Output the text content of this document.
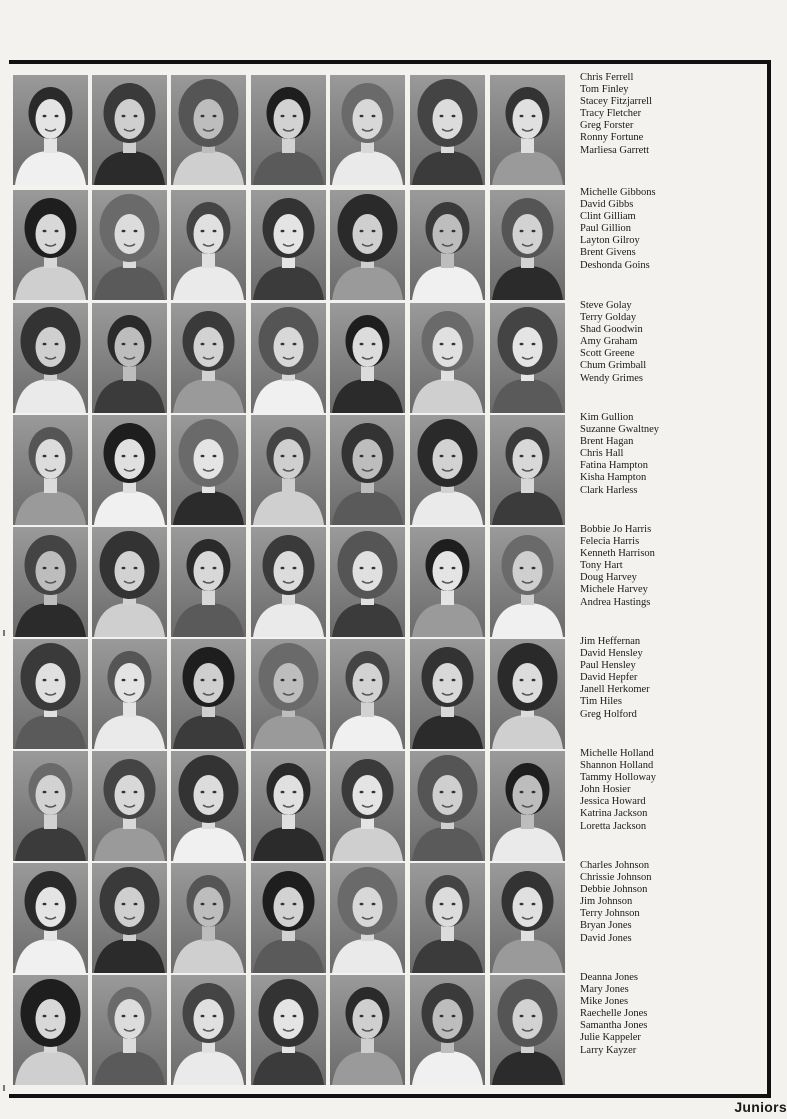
Chris Ferrell
Tom Finley
Stacey Fitzjarrell
Tracy Fletcher
Greg Forster
Ronny Fortune
Marliesa Garrett
Michelle Gibbons
David Gibbs
Clint Gilliam
Paul Gillion
Layton Gilroy
Brent Givens
Deshonda Goins
Steve Golay
Terry Golday
Shad Goodwin
Amy Graham
Scott Greene
Chum Grimball
Wendy Grimes
Kim Gullion
Suzanne Gwaltney
Brent Hagan
Chris Hall
Fatina Hampton
Kisha Hampton
Clark Harless
Bobbie Jo Harris
Felecia Harris
Kenneth Harrison
Tony Hart
Doug Harvey
Michele Harvey
Andrea Hastings
Jim Heffernan
David Hensley
Paul Hensley
David Hepfer
Janell Herkomer
Tim Hiles
Greg Holford
Michelle Holland
Shannon Holland
Tammy Holloway
John Hosier
Jessica Howard
Katrina Jackson
Loretta Jackson
Charles Johnson
Chrissie Johnson
Debbie Johnson
Jim Johnson
Terry Johnson
Bryan Jones
David Jones
Deanna Jones
Mary Jones
Mike Jones
Raechelle Jones
Samantha Jones
Julie Kappeler
Larry Kayzer
Juniors
